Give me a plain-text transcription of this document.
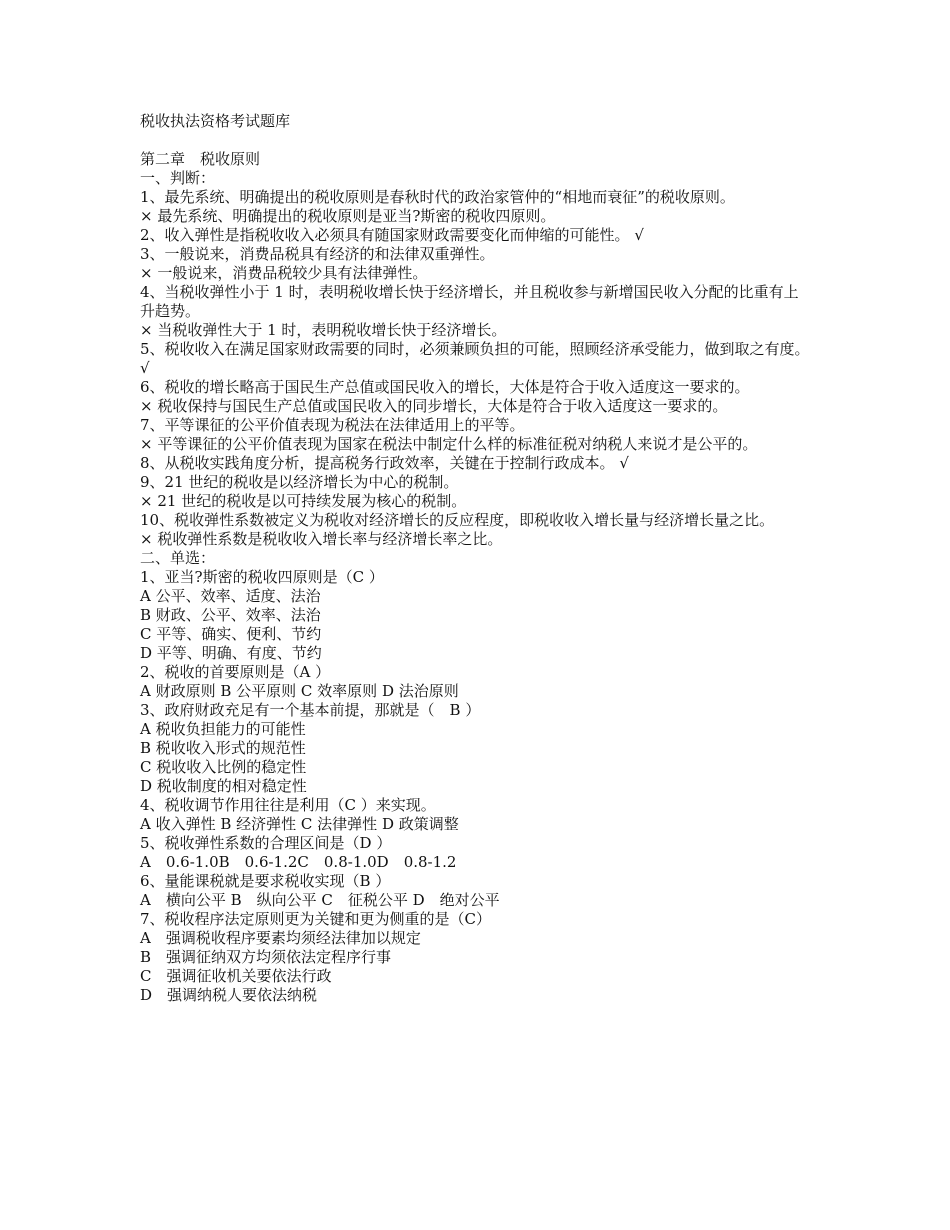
税收执法资格考试题库
第二章　税收原则
一、判断：
1、最先系统、明确提出的税收原则是春秋时代的政治家管仲的“相地而衰征”的税收原则。
× 最先系统、明确提出的税收原则是亚当?斯密的税收四原则。
2、收入弹性是指税收收入必须具有随国家财政需要变化而伸缩的可能性。 √
3、一般说来，消费品税具有经济的和法律双重弹性。
× 一般说来，消费品税较少具有法律弹性。
4、当税收弹性小于 1 时，表明税收增长快于经济增长，并且税收参与新增国民收入分配的比重有上升趋势。
× 当税收弹性大于 1 时，表明税收增长快于经济增长。
5、税收收入在满足国家财政需要的同时，必须兼顾负担的可能，照顾经济承受能力，做到取之有度。 √
6、税收的增长略高于国民生产总值或国民收入的增长，大体是符合于收入适度这一要求的。
× 税收保持与国民生产总值或国民收入的同步增长，大体是符合于收入适度这一要求的。
7、平等课征的公平价值表现为税法在法律适用上的平等。
× 平等课征的公平价值表现为国家在税法中制定什么样的标准征税对纳税人来说才是公平的。
8、从税收实践角度分析，提高税务行政效率，关键在于控制行政成本。 √
9、21 世纪的税收是以经济增长为中心的税制。
× 21 世纪的税收是以可持续发展为核心的税制。
10、税收弹性系数被定义为税收对经济增长的反应程度，即税收收入增长量与经济增长量之比。
× 税收弹性系数是税收收入增长率与经济增长率之比。
二、单选：
1、亚当?斯密的税收四原则是（C ）
A 公平、效率、适度、法治
B 财政、公平、效率、法治
C 平等、确实、便利、节约
D 平等、明确、有度、节约
2、税收的首要原则是（A ）
A 财政原则 B 公平原则 C 效率原则 D 法治原则
3、政府财政充足有一个基本前提，那就是（　B ）
A 税收负担能力的可能性
B 税收收入形式的规范性
C 税收收入比例的稳定性
D 税收制度的相对稳定性
4、税收调节作用往往是利用（C ）来实现。
A 收入弹性 B 经济弹性 C 法律弹性 D 政策调整
5、税收弹性系数的合理区间是（D ）
A　0.6-1.0B　0.6-1.2C　0.8-1.0D　0.8-1.2
6、量能课税就是要求税收实现（B ）
A　横向公平 B　纵向公平 C　征税公平 D　绝对公平
7、税收程序法定原则更为关键和更为侧重的是（C）
A　强调税收程序要素均须经法律加以规定
B　强调征纳双方均须依法定程序行事
C　强调征收机关要依法行政
D　强调纳税人要依法纳税
